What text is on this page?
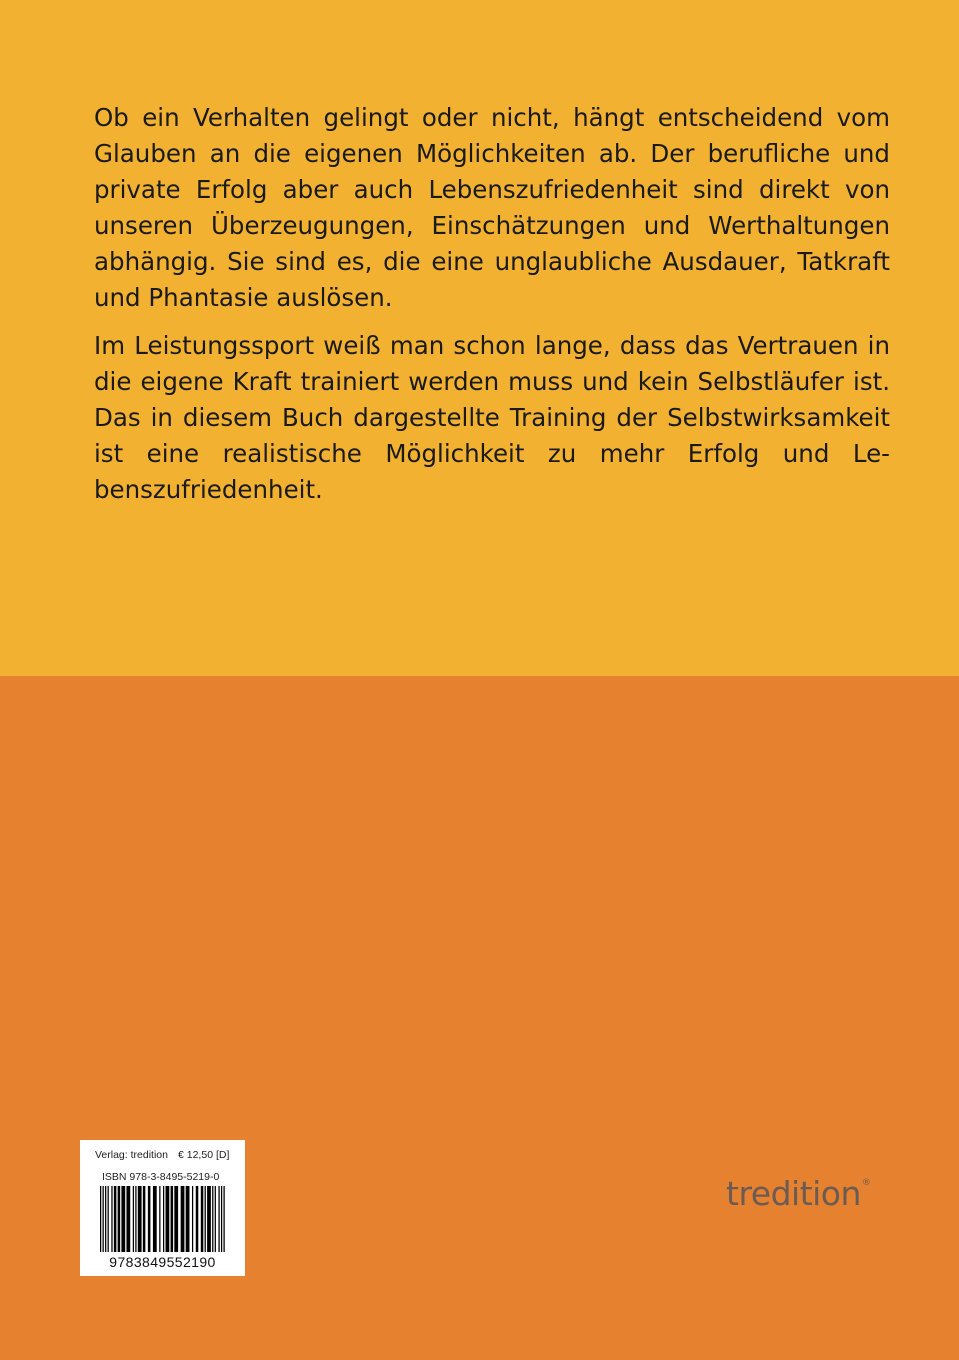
Ob ein Verhalten gelingt oder nicht, hängt entscheidend vom Glauben an die eigenen Möglichkeiten ab. Der berufliche und private Erfolg aber auch Lebenszufriedenheit sind direkt von unseren Überzeugungen, Einschätzungen und Werthaltungen abhängig. Sie sind es, die eine unglaubliche Ausdauer, Tatkraft und Phantasie auslösen.

Im Leistungssport weiß man schon lange, dass das Vertrauen in die eigene Kraft trainiert werden muss und kein Selbstläufer ist. Das in diesem Buch dargestellte Training der Selbstwirksamkeit ist eine realistische Möglichkeit zu mehr Erfolg und Lebenszufriedenheit.

Verlag: tredition € 12,50 [D]
ISBN 978-3-8495-5219-0
9783849552190
tredition®
